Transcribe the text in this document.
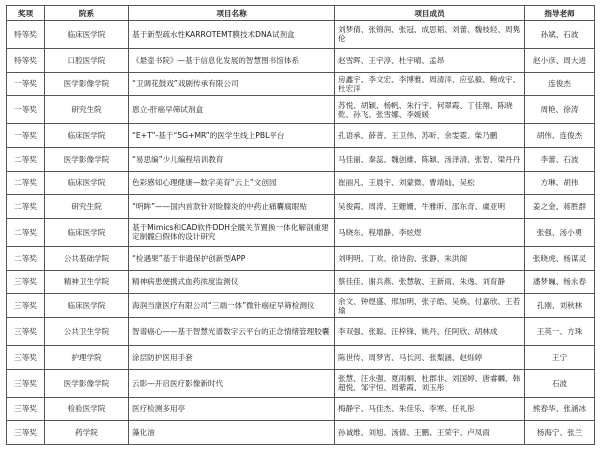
奖项	院系	项目名称	项目成员	指导老师
特等奖	临床医学院	基于新型疏水性KARROTEMT膜技术DNA试剂盒	刘梦倩、张锦润、张冠、成思韬、刘蕾、魏枝轻、周隽伦	孙斌、石波
特等奖	口腔医学院	《悬壶书院》—基于信息化发展的智慧图书馆体系	赵雪晖、王宇淳、杜宇晴、孟昂	赵小彦、周大进
一等奖	医学影像学院	“卫调花鼓戏”戏剧传承有限公司	房鑫宇、李文宏、李博雅、周清洋、应弘毅、鲍成宇、杜宏洋	连俊杰
一等奖	研究生院	恩立-肝癌早筛试剂盒	苏悦、胡颖、杨帆、朱行宇、何翠霞、丁佳翔、陈晓乾、孙飞、张雪娜、李媛媛	周艳、徐涛
一等奖	临床医学院	“E+T”-基于“5G+MR”的医学生线上PBL平台	孔语承、薛普、王卫伟、苏昕、余雯霓、柴乃鹏	胡伟、连俊杰
二等奖	医学影像学院	“易思编”少儿编程培训教育	马佳丽、秦蕊、魏创維、陈颖、汤泽清、张智、梁丹丹	李蕾、石波
二等奖	临床医学院	色彩感知心理健康—数字美育“云上”文创园	崔丽凡、王晨宇、刘蒙微、曹靖灿、吴松	方琳、胡伟
二等奖	研究生院	“明眸”——国内首款针对睑腺炎的中药止痛囊腐眼贴	吴俊霞、周涛、王姗姗、牛雅昕、邵东奇、虞亚明	姜之金、蒋胜群
二等奖	临床医学院	基于Mimics和CAD软件DDH全髋关节置换一体化解剖重建定制髋臼假体的设计研究	马晓东、程增静、李炫煜	张强、汤小勇
二等奖	公共基础学院	“检遇果”基于非遗保护创新型APP	刘明明、丁欢、徐诗韵、张静、朱洪阁	张晓虎、杨谋灵
三等奖	精神卫生学院	精神病患便携式血药浓度监测仪	蔡佳佳、谢兵燕、张慧敏、王新雨、朱逸、刘育静	潘梦巍、杨永春
三等奖	临床医学院	海润当康医疗有限公司“三端一体”微针癌症早筛检测仪	余文、钟煜盛、邢加明、张子皓、吴焕、付嘉欣、王若瑜	孔刚、刘秋林
三等奖	公共卫生学院	智谱癌心——基于智慧光谱数字云平台的正念情绪管理胶囊	李双强、张聪、汪梓锋、姚丹、任阿欣、胡林成	王英一、方珠
三等奖	护理学院	涂层防护医用手套	陈世传、周梦宵、马长河、张梨涵、赵烁婷	王宁
三等奖	医学影像学院	云影—开启医疗影像新时代	张慧、汪永强、夏雨桐、杜郡非、刘国婷、唐睿麟、韩超悦、邹宇恒、周紫霞、刘玉彤	石波
三等奖	检验医学院	医疗检测多用亭	梅静宇、马佳杰、朱佳乐、李寒、任礼彤	熊春华、张涵冰
三等奖	药学院	藻化油	孙诚维、刘旭、汤倩、王鹏、王荣宇、卢凤雨	杨海宁、张兰
